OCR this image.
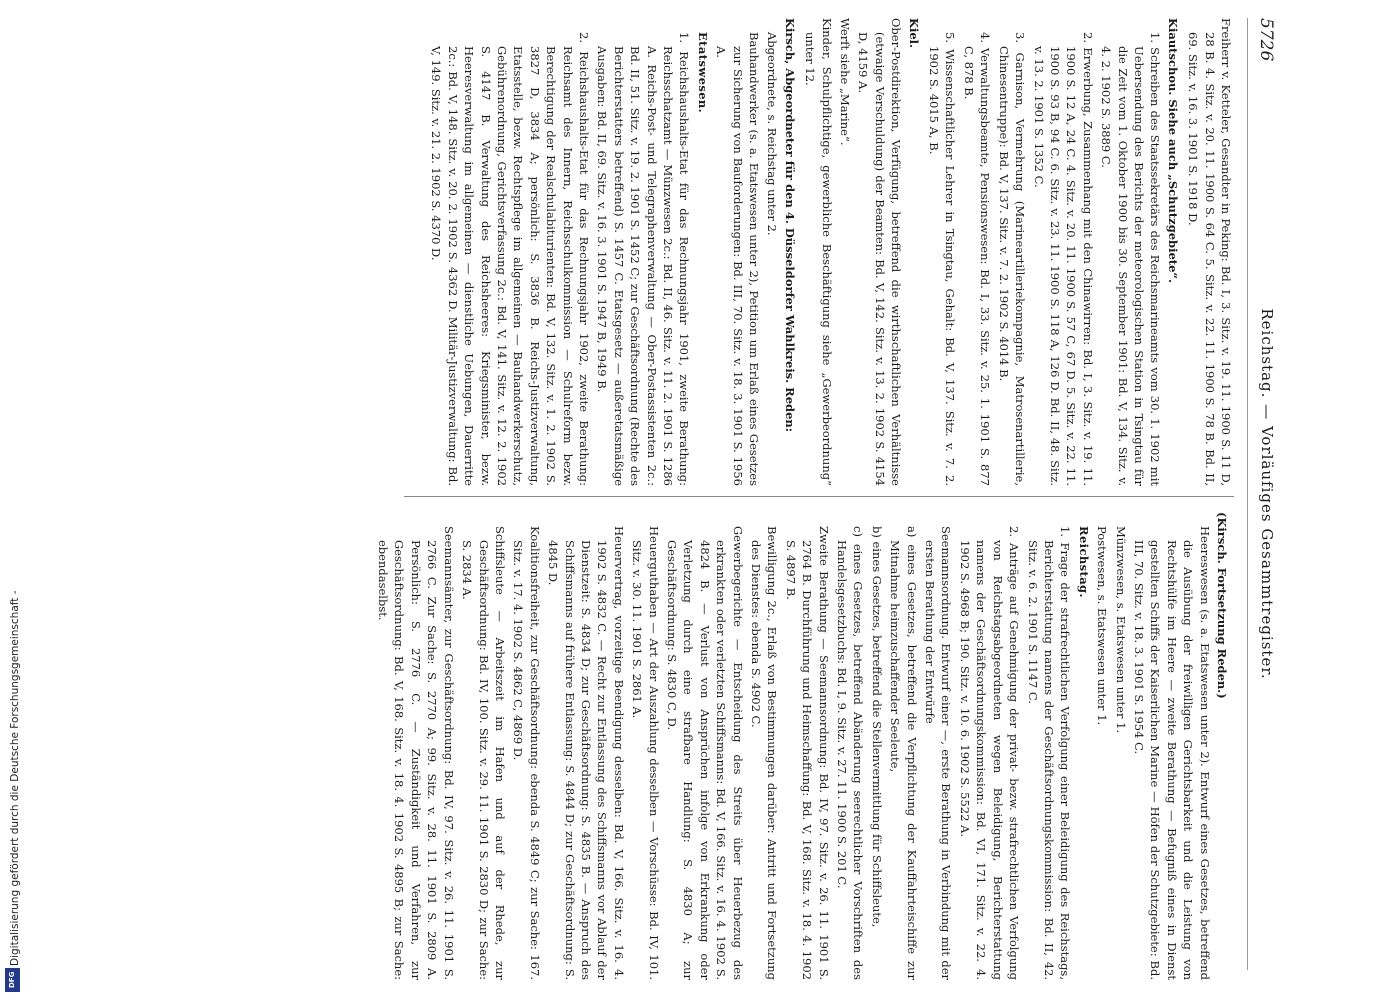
5726
Reichstag. — Vorläufiges Gesammtregister.

Freiherr v. Ketteler, Gesandter in Peking: Bd. I, 3. Sitz. v. 19. 11. 1900 S. 11 D, 28 B. 4. Sitz. v. 20. 11. 1900 S. 64 C. 5. Sitz. v. 22. 11. 1900 S. 78 B. Bd. II, 69. Sitz. v. 16. 3. 1901 S. 1918 D.

Kiautschou. Siehe auch „Schutzgebiete“.

1. Schreiben des Staatssekretärs des Reichsmarineamts vom 30. 1. 1902 mit Uebersendung des Berichts der meteorologischen Station in Tsingtau für die Zeit vom 1. Oktober 1900 bis 30. September 1901: Bd. V, 134. Sitz. v. 4. 2. 1902 S. 3889 C.

2. Erwerbung, Zusammenhang mit den Chinawirren: Bd. I, 3. Sitz. v. 19. 11. 1900 S. 12 A, 24 C. 4. Sitz. v. 20. 11. 1900 S. 57 C, 67 D. 5. Sitz. v. 22. 11. 1900 S. 93 B, 94 C. 6. Sitz. v. 23. 11. 1900 S. 118 A, 126 D. Bd. II, 48. Sitz. v. 13. 2. 1901 S. 1352 C.

3. Garnison, Vermehrung (Marineartilleriekompagnie, Matrosenartillerie, Chinesentruppe): Bd. V, 137. Sitz. v. 7. 2. 1902 S. 4014 B.

4. Verwaltungsbeamte, Pensionswesen: Bd. I, 33. Sitz. v. 25. 1. 1901 S. 877 C, 878 B.

5. Wissenschaftlicher Lehrer in Tsingtau, Gehalt: Bd. V, 137. Sitz. v. 7. 2. 1902 S. 4015 A, B.

Kiel.

Ober-Postdirektion, Verfügung, betreffend die wirthschaftlichen Verhältnisse (etwaige Verschuldung) der Beamten: Bd. V, 142. Sitz. v. 13. 2. 1902 S. 4154 D, 4159 A.

Werft siehe „Marine“.

Kinder, Schulpflichtige, gewerbliche Beschäftigung siehe „Gewerbeordnung“ unter 12.

Kirsch, Abgeordneter für den 4. Düsseldorfer Wahlkreis. Reden:

Abgeordnete, s. Reichstag unter 2.

Bauhandwerker (s. a. Etatswesen unter 2), Petition um Erlaß eines Gesetzes zur Sicherung von Bauforderungen: Bd. III, 70. Sitz. v. 18. 3. 1901 S. 1956 A.

Etatswesen.

1. Reichshaushalts-Etat für das Rechnungsjahr 1901, zweite Berathung: Reichsschatzamt — Münzwesen 2c.: Bd. II, 46. Sitz. v. 11. 2. 1901 S. 1286 A. Reichs-Post- und Telegraphenverwaltung — Ober-Postassistenten 2c.: Bd. II, 51. Sitz. v. 19. 2. 1901 S. 1452 C; zur Geschäftsordnung (Rechte des Berichterstatters betreffend) S. 1457 C. Etatsgesetz — außeretatsmäßige Ausgaben: Bd. II, 69. Sitz. v. 16. 3. 1901 S. 1947 B, 1949 B.

2. Reichshaushalts-Etat für das Rechnungsjahr 1902, zweite Berathung: Reichsamt des Innern, Reichsschulkommission — Schulreform bezw. Berechtigung der Realschulabiturienten: Bd. V, 132. Sitz. v. 1. 2. 1902 S. 3827 D, 3834 A; persönlich: S. 3836 B. Reichs-Justizverwaltung, Etatsstelle, bezw. Rechtspflege im allgemeinen — Bauhandwerkerschutz, Gebührenordnung, Gerichtsverfassung 2c.: Bd. V, 141. Sitz. v. 12. 2. 1902 S. 4147 B. Verwaltung des Reichsheeres: Kriegsminister, bezw. Heeresverwaltung im allgemeinen — dienstliche Uebungen, Dauerritte 2c.: Bd. V, 148. Sitz. v. 20. 2. 1902 S. 4362 D. Militär-Justizverwaltung: Bd. V, 149. Sitz. v. 21. 2. 1902 S. 4370 D.

(Kirsch. Fortsetzung Reden.)

Heereswesen (s. a. Etatswesen unter 2). Entwurf eines Gesetzes, betreffend die Ausübung der freiwilligen Gerichtsbarkeit und die Leistung von Rechtshülfe im Heere — zweite Berathung — Befugniß eines in Dienst gestellten Schiffs der Kaiserlichen Marine — Höfen der Schutzgebiete: Bd. III, 70. Sitz. v. 18. 3. 1901 S. 1954 C.

Münzwesen, s. Etatswesen unter 1.

Postwesen, s. Etatswesen unter 1.

Reichstag.

1. Frage der strafrechtlichen Verfolgung einer Beleidigung des Reichstags, Berichterstattung namens der Geschäftsordnungskommission: Bd. II, 42. Sitz. v. 6. 2. 1901 S. 1147 C.

2. Anträge auf Genehmigung der privat- bezw. strafrechtlichen Verfolgung von Reichstagsabgeordneten wegen Beleidigung, Berichterstattung namens der Geschäftsordnungskommission: Bd. VI, 171. Sitz. v. 22. 4. 1902 S. 4968 B; 190. Sitz. v. 10. 6. 1902 S. 5522 A.

Seemannsordnung. Entwurf einer —, erste Berathung in Verbindung mit der ersten Berathung der Entwürfe

a) eines Gesetzes, betreffend die Verpflichtung der Kauffahrteischiffe zur Mitnahme heimzuschaffender Seeleute,

b) eines Gesetzes, betreffend die Stellenvermittlung für Schiffsleute,

c) eines Gesetzes, betreffend Abänderung seerechtlicher Vorschriften des Handelsgesetzbuchs: Bd. I, 9. Sitz. v. 27. 11. 1900 S. 201 C.

Zweite Berathung — Seemannsordnung: Bd. IV, 97. Sitz. v. 26. 11. 1901 S. 2764 B. Durchführung und Heimschaffung: Bd. V, 168. Sitz. v. 18. 4. 1902 S. 4897 B.

Bewilligung 2c., Erlaß von Bestimmungen darüber: Antritt und Fortsetzung des Dienstes: ebenda S. 4902 C.

Gewerbegerichte — Entscheidung des Streits über Heuerbezug des erkrankten oder verletzten Schiffsmanns: Bd. V, 166. Sitz. v. 16. 4. 1902 S. 4824 B. — Verlust von Ansprüchen infolge von Erkrankung oder Verletzung durch eine strafbare Handlung: S. 4830 A; zur Geschäftsordnung: S. 4830 C, D.

Heuerguthaben — Art der Auszahlung desselben — Vorschüsse: Bd. IV, 101. Sitz. v. 30. 11. 1901 S. 2861 A.

Heuervertrag, vorzeitige Beendigung desselben: Bd. V, 166. Sitz. v. 16. 4. 1902 S. 4832 C. — Recht zur Entlassung des Schiffsmanns vor Ablauf der Dienstzeit: S. 4834 D; zur Geschäftsordnung: S. 4835 B. — Anspruch des Schiffsmanns auf frühere Entlassung: S. 4844 D; zur Geschäftsordnung: S. 4845 D.

Koalitionsfreiheit, zur Geschäftsordnung: ebenda S. 4849 C; zur Sache: 167. Sitz. v. 17. 4. 1902 S. 4862 C, 4869 D.

Schiffsleute — Arbeitszeit im Hafen und auf der Rhede, zur Geschäftsordnung: Bd. IV, 100. Sitz. v. 29. 11. 1901 S. 2830 D; zur Sache: S. 2834 A.

Seemannsämter, zur Geschäftsordnung: Bd. IV, 97. Sitz. v. 26. 11. 1901 S. 2766 C. Zur Sache: S. 2770 A; 99. Sitz. v. 28. 11. 1901 S. 2809 A. Persönlich: S. 2776 C. — Zuständigkeit und Verfahren, zur Geschäftsordnung: Bd. V, 168. Sitz. v. 18. 4. 1902 S. 4895 B; zur Sache: ebendaselbst.

Digitalisierung gefördert durch die Deutsche Forschungsgemeinschaft -
DFG
